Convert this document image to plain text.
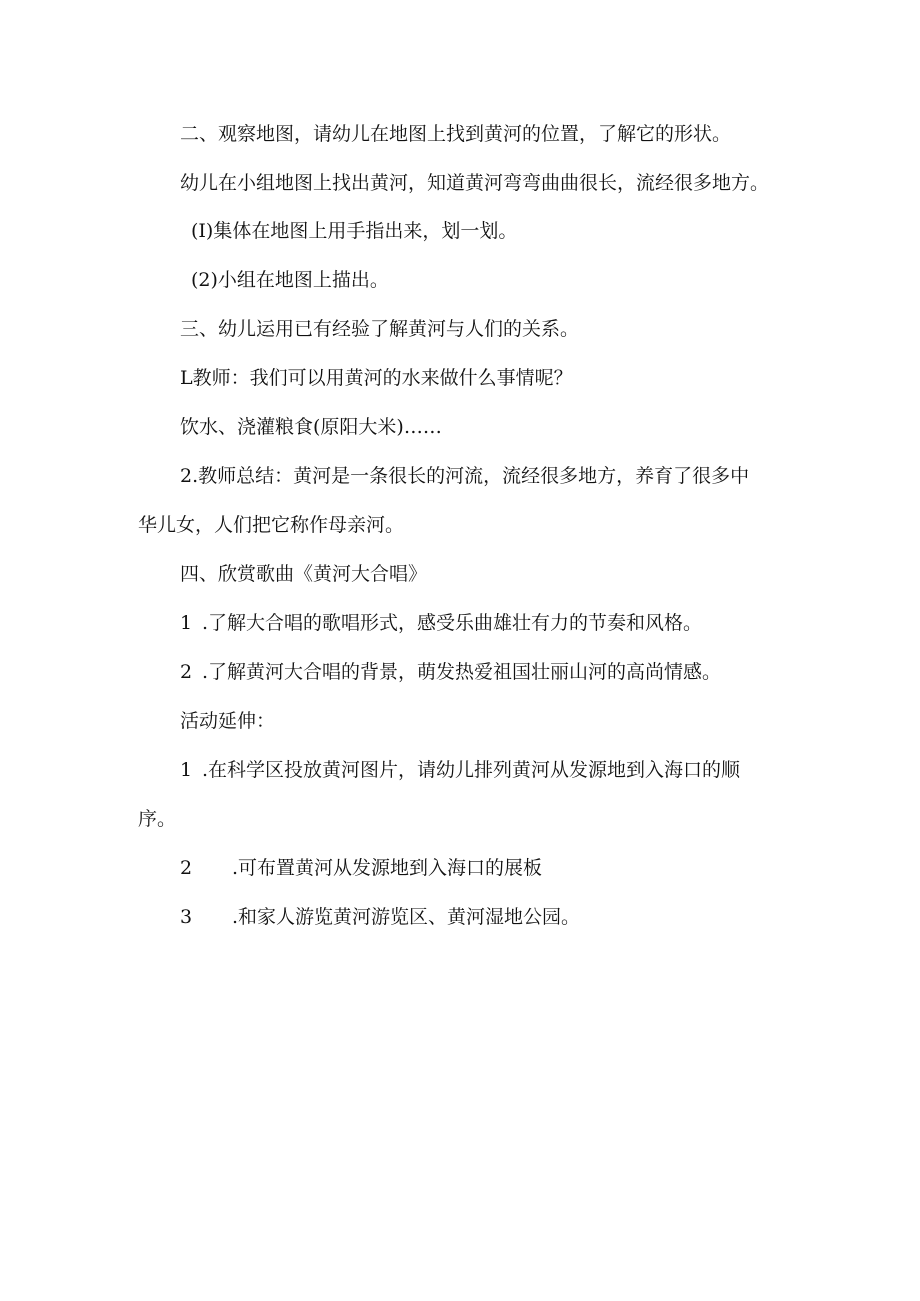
二、观察地图，请幼儿在地图上找到黄河的位置，了解它的形状。
幼儿在小组地图上找出黄河，知道黄河弯弯曲曲很长，流经很多地方。
(I)集体在地图上用手指出来，划一划。
(2)小组在地图上描出。
三、幼儿运用已有经验了解黄河与人们的关系。
L教师：我们可以用黄河的水来做什么事情呢？
饮水、浇灌粮食(原阳大米)……
2.教师总结：黄河是一条很长的河流，流经很多地方，养育了很多中
华儿女，人们把它称作母亲河。
四、欣赏歌曲《黄河大合唱》
1 .了解大合唱的歌唱形式，感受乐曲雄壮有力的节奏和风格。
2 .了解黄河大合唱的背景，萌发热爱祖国壮丽山河的高尚情感。
活动延伸：
1 .在科学区投放黄河图片，请幼儿排列黄河从发源地到入海口的顺
序。
2 .可布置黄河从发源地到入海口的展板
3 .和家人游览黄河游览区、黄河湿地公园。
